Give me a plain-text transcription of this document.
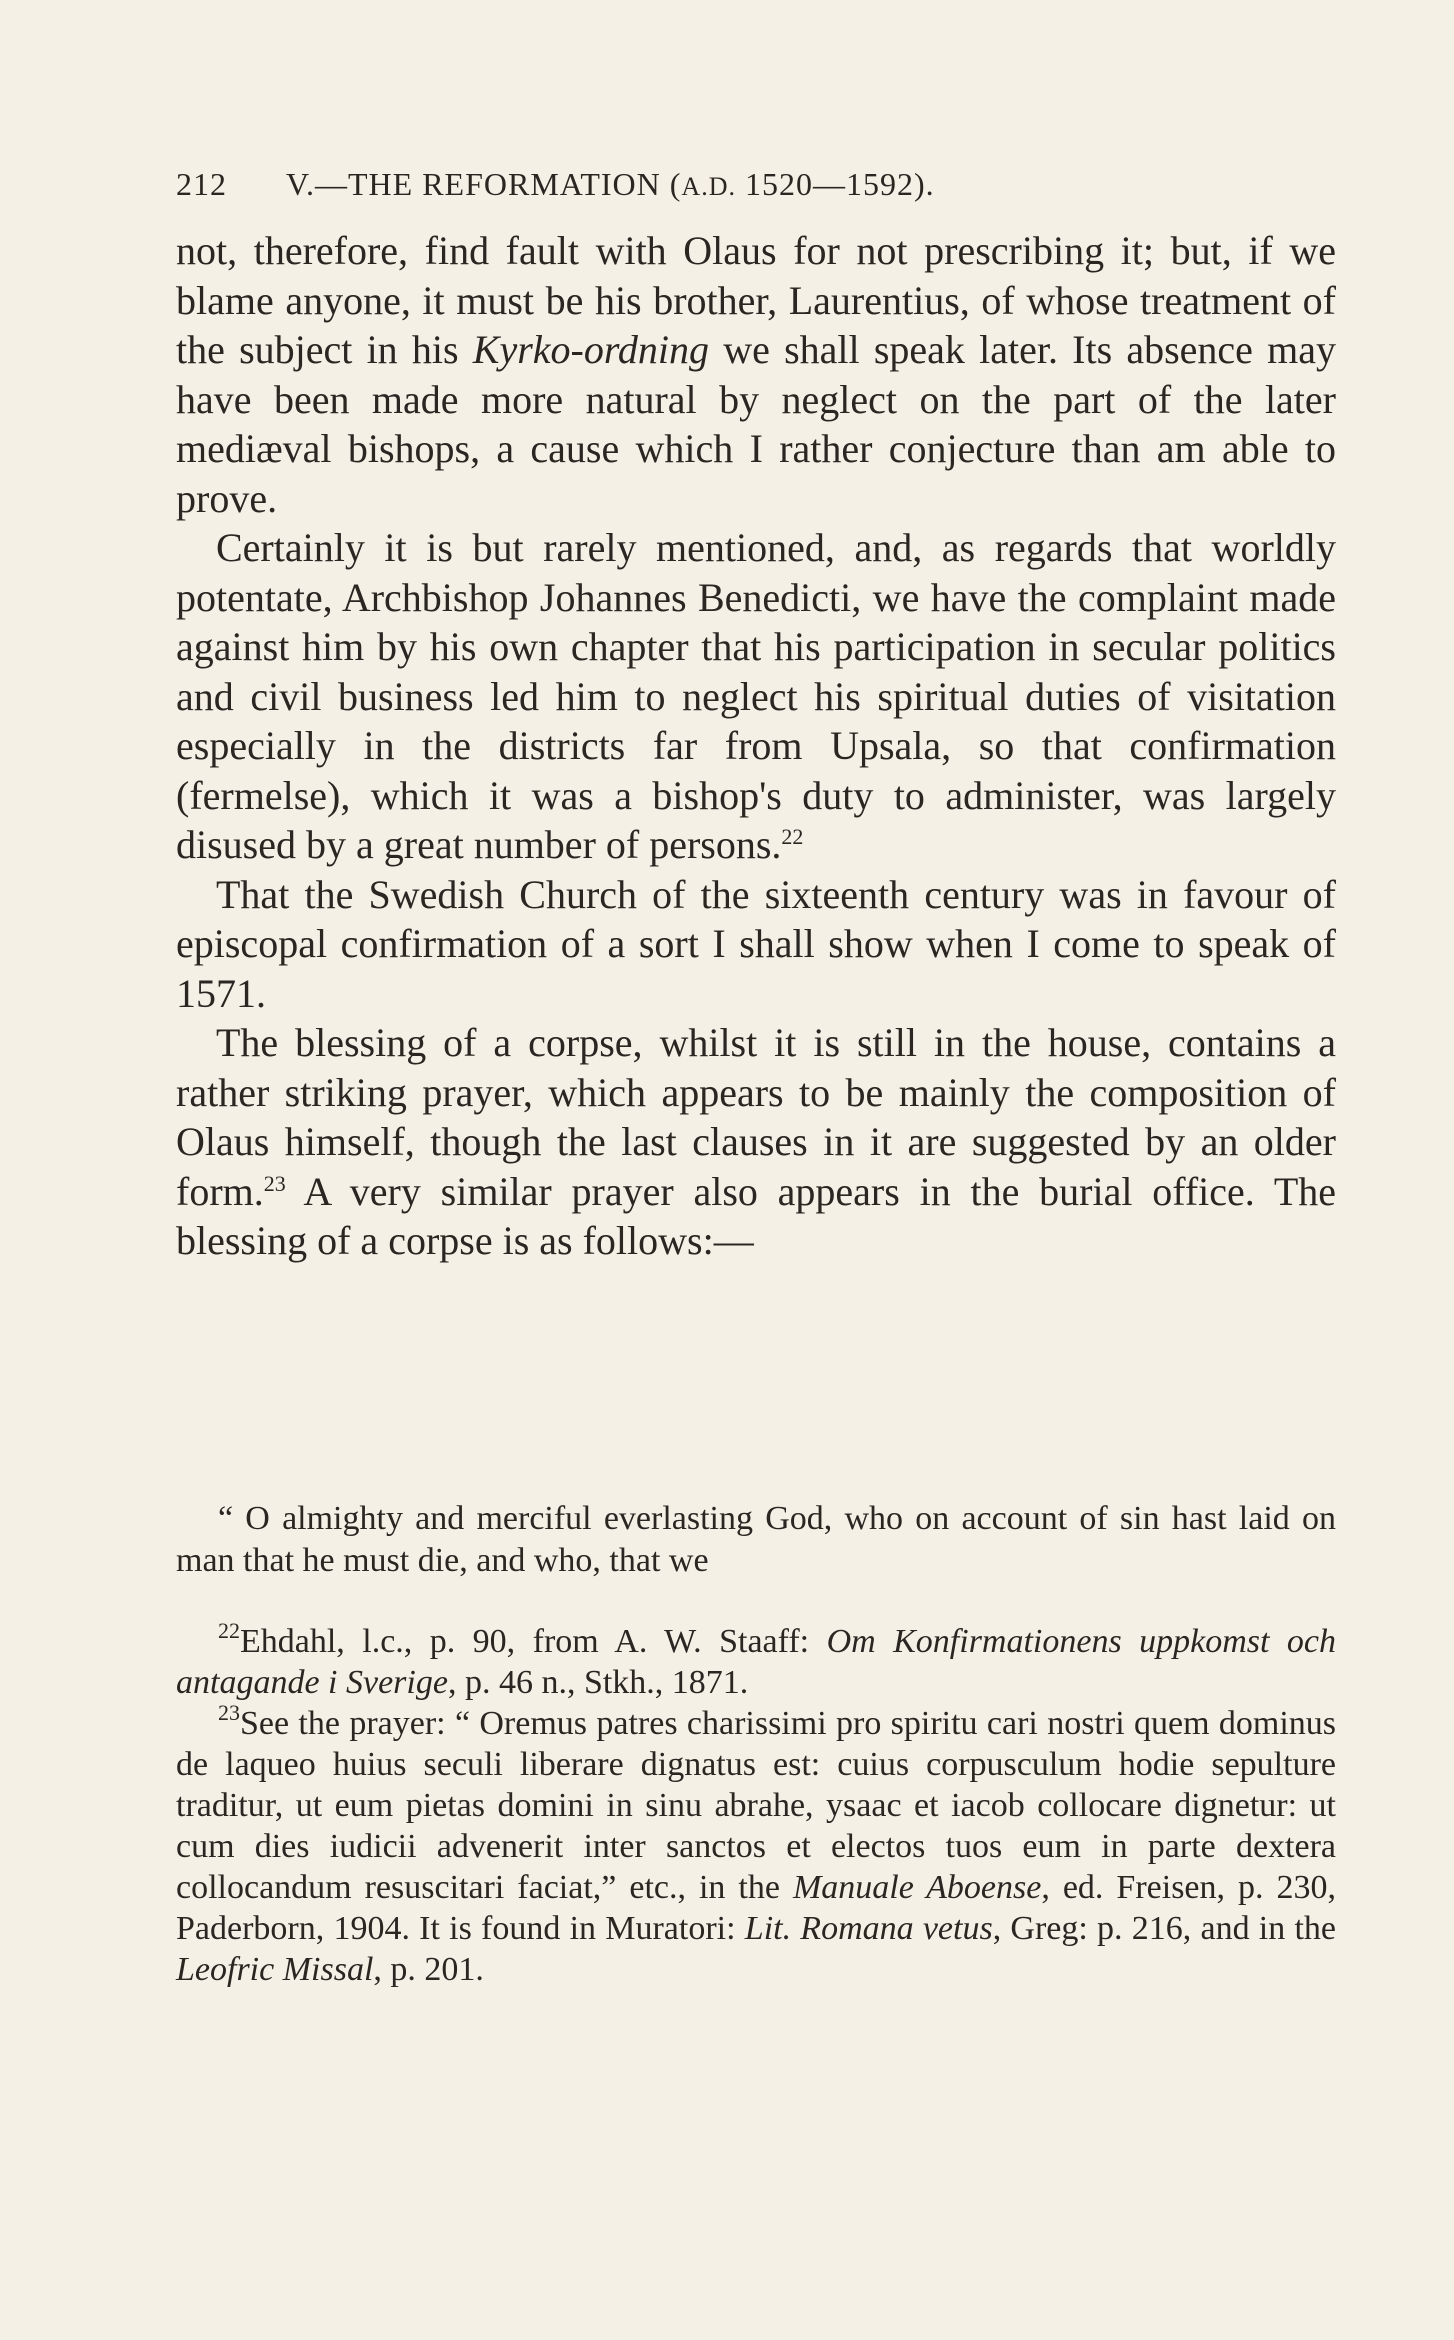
212 V.—THE REFORMATION (A.D. 1520—1592).

not, therefore, find fault with Olaus for not prescribing it; but, if we blame anyone, it must be his brother, Laurentius, of whose treatment of the subject in his Kyrko-ordning we shall speak later. Its absence may have been made more natural by neglect on the part of the later mediæval bishops, a cause which I rather conjecture than am able to prove.

Certainly it is but rarely mentioned, and, as regards that worldly potentate, Archbishop Johannes Benedicti, we have the complaint made against him by his own chapter that his participation in secular politics and civil business led him to neglect his spiritual duties of visitation especially in the districts far from Upsala, so that confirmation (fermelse), which it was a bishop's duty to administer, was largely disused by a great number of persons.$^{22}$

That the Swedish Church of the sixteenth century was in favour of episcopal confirmation of a sort I shall show when I come to speak of 1571.

The blessing of a corpse, whilst it is still in the house, contains a rather striking prayer, which appears to be mainly the composition of Olaus himself, though the last clauses in it are suggested by an older form.$^{23}$ A very similar prayer also appears in the burial office. The blessing of a corpse is as follows:—

“ O almighty and merciful everlasting God, who on account of sin hast laid on man that he must die, and who, that we

$^{22}$Ehdahl, l.c., p. 90, from A. W. Staaff: Om Konfirmationens uppkomst och antagande i Sverige, p. 46 n., Stkh., 1871.

$^{23}$See the prayer: “ Oremus patres charissimi pro spiritu cari nostri quem dominus de laqueo huius seculi liberare dignatus est: cuius corpusculum hodie sepulture traditur, ut eum pietas domini in sinu abrahe, ysaac et iacob collocare dignetur: ut cum dies iudicii advenerit inter sanctos et electos tuos eum in parte dextera collocandum resuscitari faciat,” etc., in the Manuale Aboense, ed. Freisen, p. 230, Paderborn, 1904. It is found in Muratori: Lit. Romana vetus, Greg: p. 216, and in the Leofric Missal, p. 201.
